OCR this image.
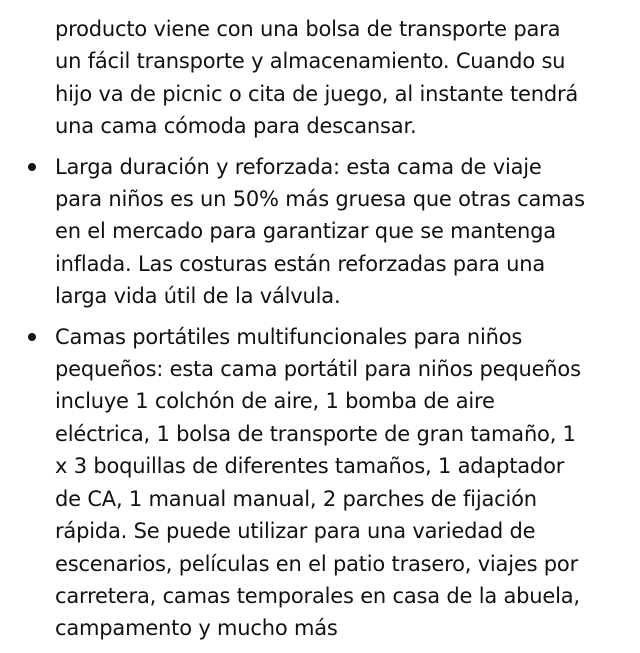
producto viene con una bolsa de transporte para
un fácil transporte y almacenamiento. Cuando su
hijo va de picnic o cita de juego, al instante tendrá
una cama cómoda para descansar.
Larga duración y reforzada: esta cama de viaje
para niños es un 50% más gruesa que otras camas
en el mercado para garantizar que se mantenga
inflada. Las costuras están reforzadas para una
larga vida útil de la válvula.
Camas portátiles multifuncionales para niños
pequeños: esta cama portátil para niños pequeños
incluye 1 colchón de aire, 1 bomba de aire
eléctrica, 1 bolsa de transporte de gran tamaño, 1
x 3 boquillas de diferentes tamaños, 1 adaptador
de CA, 1 manual manual, 2 parches de fijación
rápida. Se puede utilizar para una variedad de
escenarios, películas en el patio trasero, viajes por
carretera, camas temporales en casa de la abuela,
campamento y mucho más
